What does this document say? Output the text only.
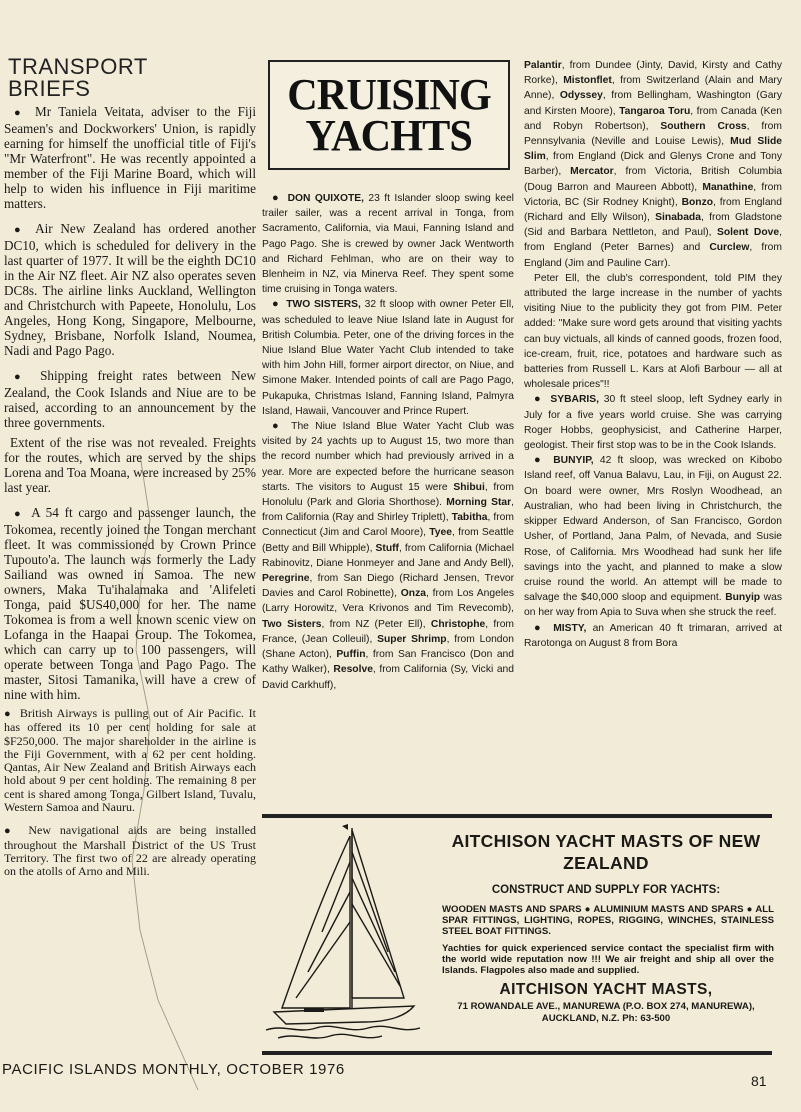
TRANSPORT
BRIEFS

● Mr Taniela Veitata, adviser to the Fiji Seamen's and Dockworkers' Union, is rapidly earning for himself the unofficial title of Fiji's "Mr Waterfront". He was recently appointed a member of the Fiji Marine Board, which will help to widen his influence in Fiji maritime matters.

● Air New Zealand has ordered another DC10, which is scheduled for delivery in the last quarter of 1977. It will be the eighth DC10 in the Air NZ fleet. Air NZ also operates seven DC8s. The airline links Auckland, Wellington and Christchurch with Papeete, Honolulu, Los Angeles, Hong Kong, Singapore, Melbourne, Sydney, Brisbane, Norfolk Island, Noumea, Nadi and Pago Pago.

● Shipping freight rates between New Zealand, the Cook Islands and Niue are to be raised, according to an announcement by the three governments.

Extent of the rise was not revealed. Freights for the routes, which are served by the ships Lorena and Toa Moana, were increased by 25% last year.

● A 54 ft cargo and passenger launch, the Tokomea, recently joined the Tongan merchant fleet. It was commissioned by Crown Prince Tupouto'a. The launch was formerly the Lady Sailiand was owned in Samoa. The new owners, Maka Tu'ihalamaka and 'Alifeleti Tonga, paid $US40,000 for her. The name Tokomea is from a well known scenic view on Lofanga in the Haapai Group. The Tokomea, which can carry up to 100 passengers, will operate between Tonga and Pago Pago. The master, Sitosi Tamanika, will have a crew of nine with him.

● British Airways is pulling out of Air Pacific. It has offered its 10 per cent holding for sale at $F250,000. The major shareholder in the airline is the Fiji Government, with a 62 per cent holding. Qantas, Air New Zealand and British Airways each hold about 9 per cent holding. The remaining 8 per cent is shared among Tonga, Gilbert Island, Tuvalu, Western Samoa and Nauru.

● New navigational aids are being installed throughout the Marshall District of the US Trust Territory. The first two of 22 are already operating on the atolls of Arno and Mili.

CRUISING
YACHTS

● DON QUIXOTE, 23 ft Islander sloop swing keel trailer sailer, was a recent arrival in Tonga, from Sacramento, California, via Maui, Fanning Island and Pago Pago. She is crewed by owner Jack Wentworth and Richard Fehlman, who are on their way to Blenheim in NZ, via Minerva Reef. They spent some time cruising in Tonga waters.

● TWO SISTERS, 32 ft sloop with owner Peter Ell, was scheduled to leave Niue Island late in August for British Columbia. Peter, one of the driving forces in the Niue Island Blue Water Yacht Club intended to take with him John Hill, former airport director, on Niue, and Simone Maker. Intended points of call are Pago Pago, Pukapuka, Christmas Island, Fanning Island, Palmyra Island, Hawaii, Vancouver and Prince Rupert.

● The Niue Island Blue Water Yacht Club was visited by 24 yachts up to August 15, two more than the record number which had previously arrived in a year. More are expected before the hurricane season starts. The visitors to August 15 were Shibui, from Honolulu (Park and Gloria Shorthose). Morning Star, from California (Ray and Shirley Triplett), Tabitha, from Connecticut (Jim and Carol Moore), Tyee, from Seattle (Betty and Bill Whipple), Stuff, from California (Michael Rabinovitz, Diane Honmeyer and Jane and Andy Bell), Peregrine, from San Diego (Richard Jensen, Trevor Davies and Carol Robinette), Onza, from Los Angeles (Larry Horowitz, Vera Krivonos and Tim Revecomb), Two Sisters, from NZ (Peter Ell), Christophe, from France, (Jean Colleuil), Super Shrimp, from London (Shane Acton), Puffin, from San Francisco (Don and Kathy Walker), Resolve, from California (Sy, Vicki and David Carkhuff),

Palantir, from Dundee (Jinty, David, Kirsty and Cathy Rorke), Mistonflet, from Switzerland (Alain and Mary Anne), Odyssey, from Bellingham, Washington (Gary and Kirsten Moore), Tangaroa Toru, from Canada (Ken and Robyn Robertson), Southern Cross, from Pennsylvania (Neville and Louise Lewis), Mud Slide Slim, from England (Dick and Glenys Crone and Tony Barber), Mercator, from Victoria, British Columbia (Doug Barron and Maureen Abbott), Manathine, from Victoria, BC (Sir Rodney Knight), Bonzo, from England (Richard and Elly Wilson), Sinabada, from Gladstone (Sid and Barbara Nettleton, and Paul), Solent Dove, from England (Peter Barnes) and Curclew, from England (Jim and Pauline Carr).

Peter Ell, the club's correspondent, told PIM they attributed the large increase in the number of yachts visiting Niue to the publicity they got from PIM. Peter added: "Make sure word gets around that visiting yachts can buy victuals, all kinds of canned goods, frozen food, ice-cream, fruit, rice, potatoes and hardware such as batteries from Russell L. Kars at Alofi Barbour — all at wholesale prices"!!

● SYBARIS, 30 ft steel sloop, left Sydney early in July for a five years world cruise. She was carrying Roger Hobbs, geophysicist, and Catherine Harper, geologist. Their first stop was to be in the Cook Islands.

● BUNYIP, 42 ft sloop, was wrecked on Kibobo Island reef, off Vanua Balavu, Lau, in Fiji, on August 22. On board were owner, Mrs Roslyn Woodhead, an Australian, who had been living in Christchurch, the skipper Edward Anderson, of San Francisco, Gordon Usher, of Portland, Jana Palm, of Nevada, and Susie Rose, of California. Mrs Woodhead had sunk her life savings into the yacht, and planned to make a slow cruise round the world. An attempt will be made to salvage the $40,000 sloop and equipment. Bunyip was on her way from Apia to Suva when she struck the reef.

● MISTY, an American 40 ft trimaran, arrived at Rarotonga on August 8 from Bora

AITCHISON YACHT MASTS OF NEW ZEALAND

CONSTRUCT AND SUPPLY FOR YACHTS:

WOODEN MASTS AND SPARS ● ALUMINIUM MASTS AND SPARS ● ALL SPAR FITTINGS, LIGHTING, ROPES, RIGGING, WINCHES, STAINLESS STEEL BOAT FITTINGS.

Yachties for quick experienced service contact the specialist firm with the world wide reputation now !!! We air freight and ship all over the Islands. Flagpoles also made and supplied.

AITCHISON YACHT MASTS,

71 ROWANDALE AVE., MANUREWA (P.O. BOX 274, MANUREWA),
AUCKLAND, N.Z. Ph: 63-500

PACIFIC ISLANDS MONTHLY, OCTOBER 1976
81
